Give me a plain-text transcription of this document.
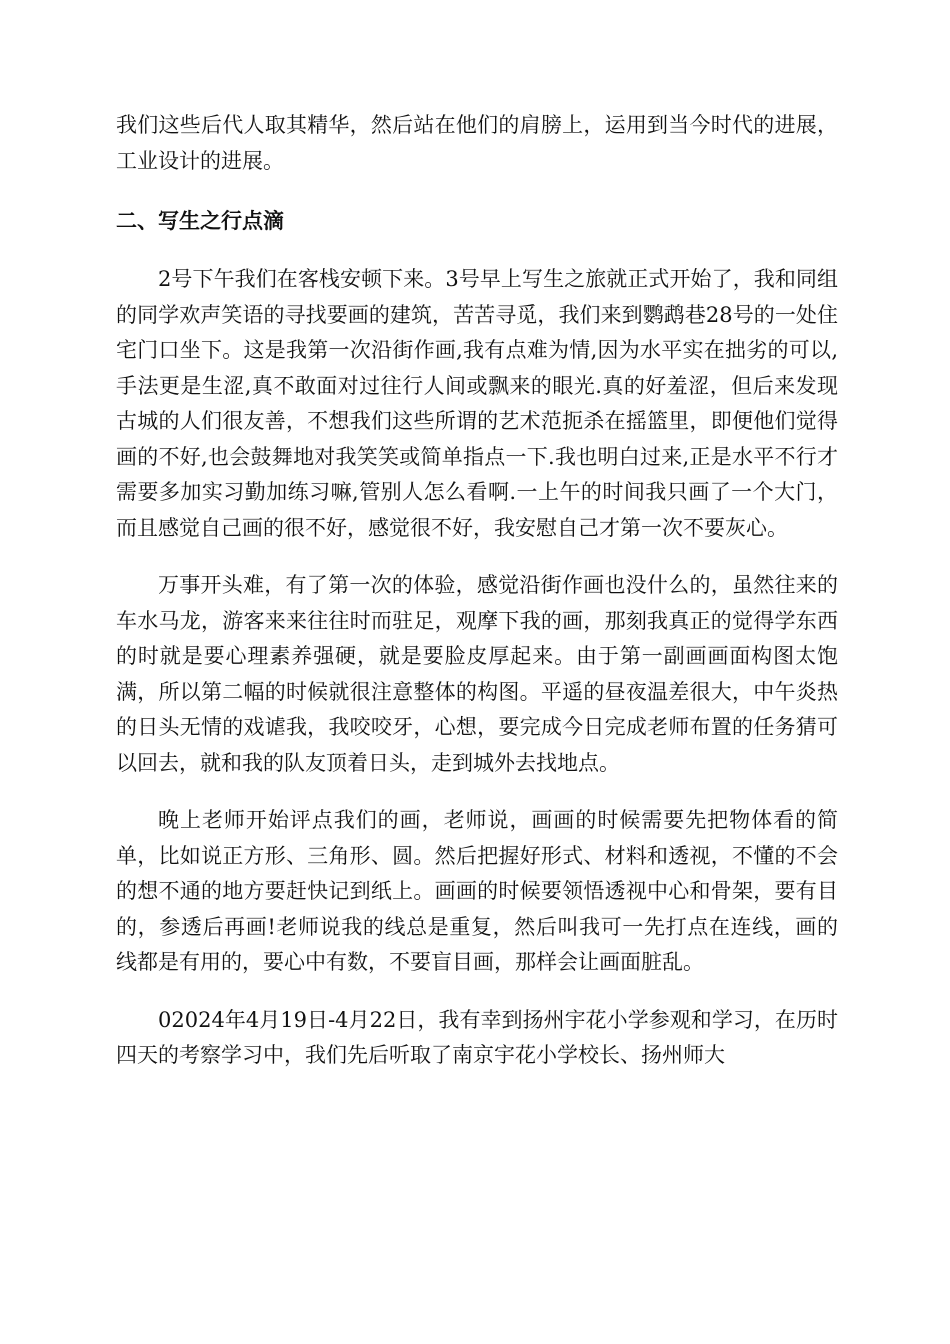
我们这些后代人取其精华，然后站在他们的肩膀上，运用到当今时代的进展，工业设计的进展。

二、写生之行点滴

2号下午我们在客栈安顿下来。3号早上写生之旅就正式开始了，我和同组的同学欢声笑语的寻找要画的建筑，苦苦寻觅，我们来到鹦鹉巷28号的一处住宅门口坐下。这是我第一次沿街作画,我有点难为情,因为水平实在拙劣的可以,手法更是生涩,真不敢面对过往行人间或飘来的眼光.真的好羞涩，但后来发现古城的人们很友善，不想我们这些所谓的艺术范扼杀在摇篮里，即便他们觉得画的不好,也会鼓舞地对我笑笑或简单指点一下.我也明白过来,正是水平不行才需要多加实习勤加练习嘛,管别人怎么看啊.一上午的时间我只画了一个大门，而且感觉自己画的很不好，感觉很不好，我安慰自己才第一次不要灰心。

万事开头难，有了第一次的体验，感觉沿街作画也没什么的，虽然往来的车水马龙，游客来来往往时而驻足，观摩下我的画，那刻我真正的觉得学东西的时就是要心理素养强硬，就是要脸皮厚起来。由于第一副画画面构图太饱满，所以第二幅的时候就很注意整体的构图。平遥的昼夜温差很大，中午炎热的日头无情的戏谑我，我咬咬牙，心想，要完成今日完成老师布置的任务猜可以回去，就和我的队友顶着日头，走到城外去找地点。

晚上老师开始评点我们的画，老师说，画画的时候需要先把物体看的简单，比如说正方形、三角形、圆。然后把握好形式、材料和透视，不懂的不会的想不通的地方要赶快记到纸上。画画的时候要领悟透视中心和骨架，要有目的，参透后再画!老师说我的线总是重复，然后叫我可一先打点在连线，画的线都是有用的，要心中有数，不要盲目画，那样会让画面脏乱。

02024年4月19日-4月22日，我有幸到扬州宇花小学参观和学习，在历时四天的考察学习中，我们先后听取了南京宇花小学校长、扬州师大
